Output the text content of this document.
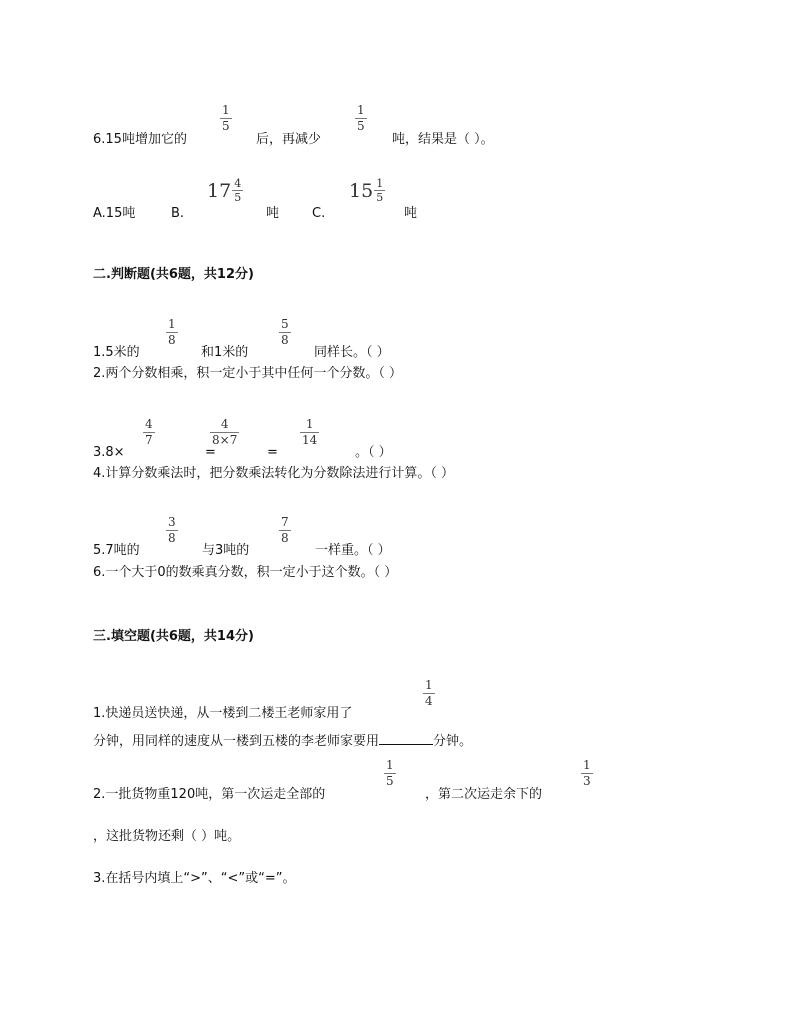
6.15吨增加它的
1
5
后，再减少
1
5
吨，结果是（ ）。
A.15吨	B.
$17 \frac{4}{5}$
吨	C.
$15 \frac{1}{5}$
吨
二.判断题(共6题，共12分)
1.5米的
1
8
和1米的
5
8
同样长。（ ）
2.两个分数相乘，积一定小于其中任何一个分数。（ ）
3.8×
4
7
=
4
8×7
=
1
14
。（ ）
4.计算分数乘法时，把分数乘法转化为分数除法进行计算。（ ）
5.7吨的
3
8
与3吨的
7
8
一样重。（ ）
6.一个大于0的数乘真分数，积一定小于这个数。（ ）
三.填空题(共6题，共14分)
1.快递员送快递，从一楼到二楼王老师家用了
1
4
分钟，用同样的速度从一楼到五楼的李老师家要用	分钟。
2.一批货物重120吨，第一次运走全部的
1
5
，第二次运走余下的
1
3
，这批货物还剩（ ）吨。
3.在括号内填上“>”、“<”或“=”。
